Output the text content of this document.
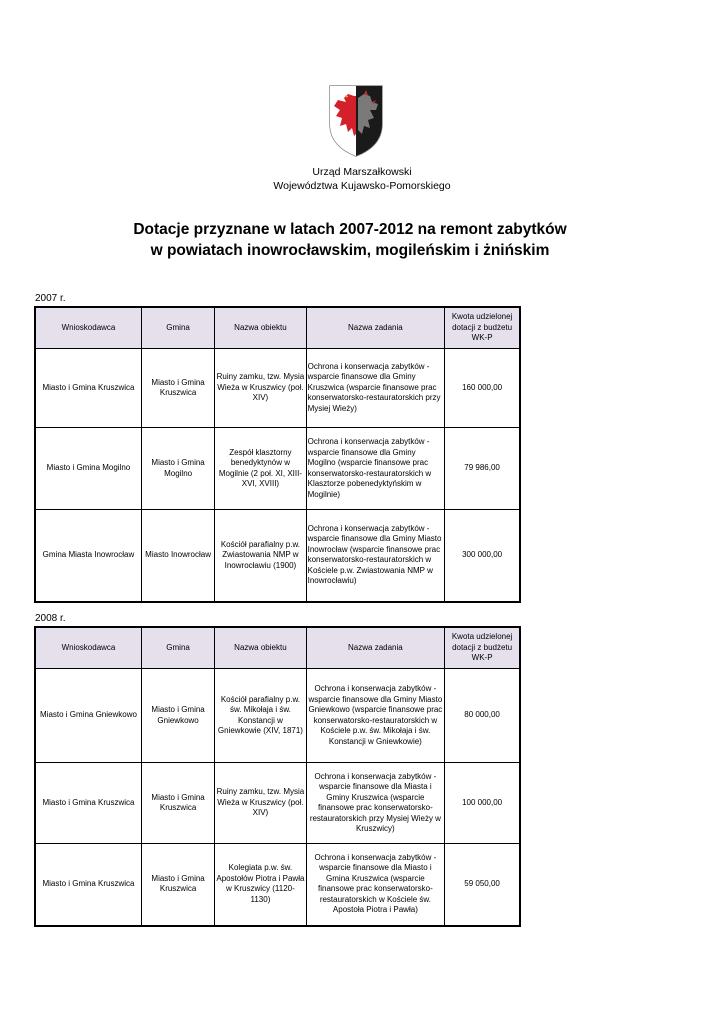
Urząd Marszałkowski
Województwa Kujawsko-Pomorskiego
Dotacje przyznane w latach 2007-2012 na remont zabytków
w powiatach inowrocławskim, mogileńskim i żnińskim
2007 r.
Wnioskodawca	Gmina	Nazwa obiektu	Nazwa zadania	Kwota udzielonej dotacji z budżetu WK-P
Miasto i Gmina Kruszwica	Miasto i Gmina Kruszwica	Ruiny zamku, tzw. Mysia Wieża w Kruszwicy (poł. XIV)	Ochrona i konserwacja zabytków - wsparcie finansowe dla Gminy Kruszwica (wsparcie finansowe prac konserwatorsko-restauratorskich przy Mysiej Wieży)	160 000,00
Miasto i Gmina Mogilno	Miasto i Gmina Mogilno	Zespół klasztorny benedyktynów w Mogilnie (2 poł. XI, XIII-XVI, XVIII)	Ochrona i konserwacja zabytków - wsparcie finansowe dla Gminy Mogilno (wsparcie finansowe prac konserwatorsko-restauratorskich w Klasztorze pobenedyktyńskim w Mogilnie)	79 986,00
Gmina Miasta Inowrocław	Miasto Inowrocław	Kościół parafialny p.w. Zwiastowania NMP w Inowrocławiu (1900)	Ochrona i konserwacja zabytków - wsparcie finansowe dla Gminy Miasto Inowrocław (wsparcie finansowe prac konserwatorsko-restauratorskich w Kościele p.w. Zwiastowania NMP w Inowrocławiu)	300 000,00
2008 r.
Wnioskodawca	Gmina	Nazwa obiektu	Nazwa zadania	Kwota udzielonej dotacji z budżetu WK-P
Miasto i Gmina Gniewkowo	Miasto i Gmina Gniewkowo	Kościół parafialny p.w. św. Mikołaja i św. Konstancji w Gniewkowie (XIV, 1871)	Ochrona i konserwacja zabytków - wsparcie finansowe dla Gminy Miasto Gniewkowo (wsparcie finansowe prac konserwatorsko-restauratorskich w Kościele p.w. św. Mikołaja i św. Konstancji w Gniewkowie)	80 000,00
Miasto i Gmina Kruszwica	Miasto i Gmina Kruszwica	Ruiny zamku, tzw. Mysia Wieża w Kruszwicy (poł. XIV)	Ochrona i konserwacja zabytków - wsparcie finansowe dla Miasta i Gminy Kruszwica (wsparcie finansowe prac konserwatorsko-restauratorskich przy Mysiej Wieży w Kruszwicy)	100 000,00
Miasto i Gmina Kruszwica	Miasto i Gmina Kruszwica	Kolegiata p.w. św. Apostołów Piotra i Pawła w Kruszwicy (1120-1130)	Ochrona i konserwacja zabytków - wsparcie finansowe dla Miasto i Gmina Kruszwica (wsparcie finansowe prac konserwatorsko-restauratorskich w Kościele św. Apostoła Piotra i Pawła)	59 050,00
